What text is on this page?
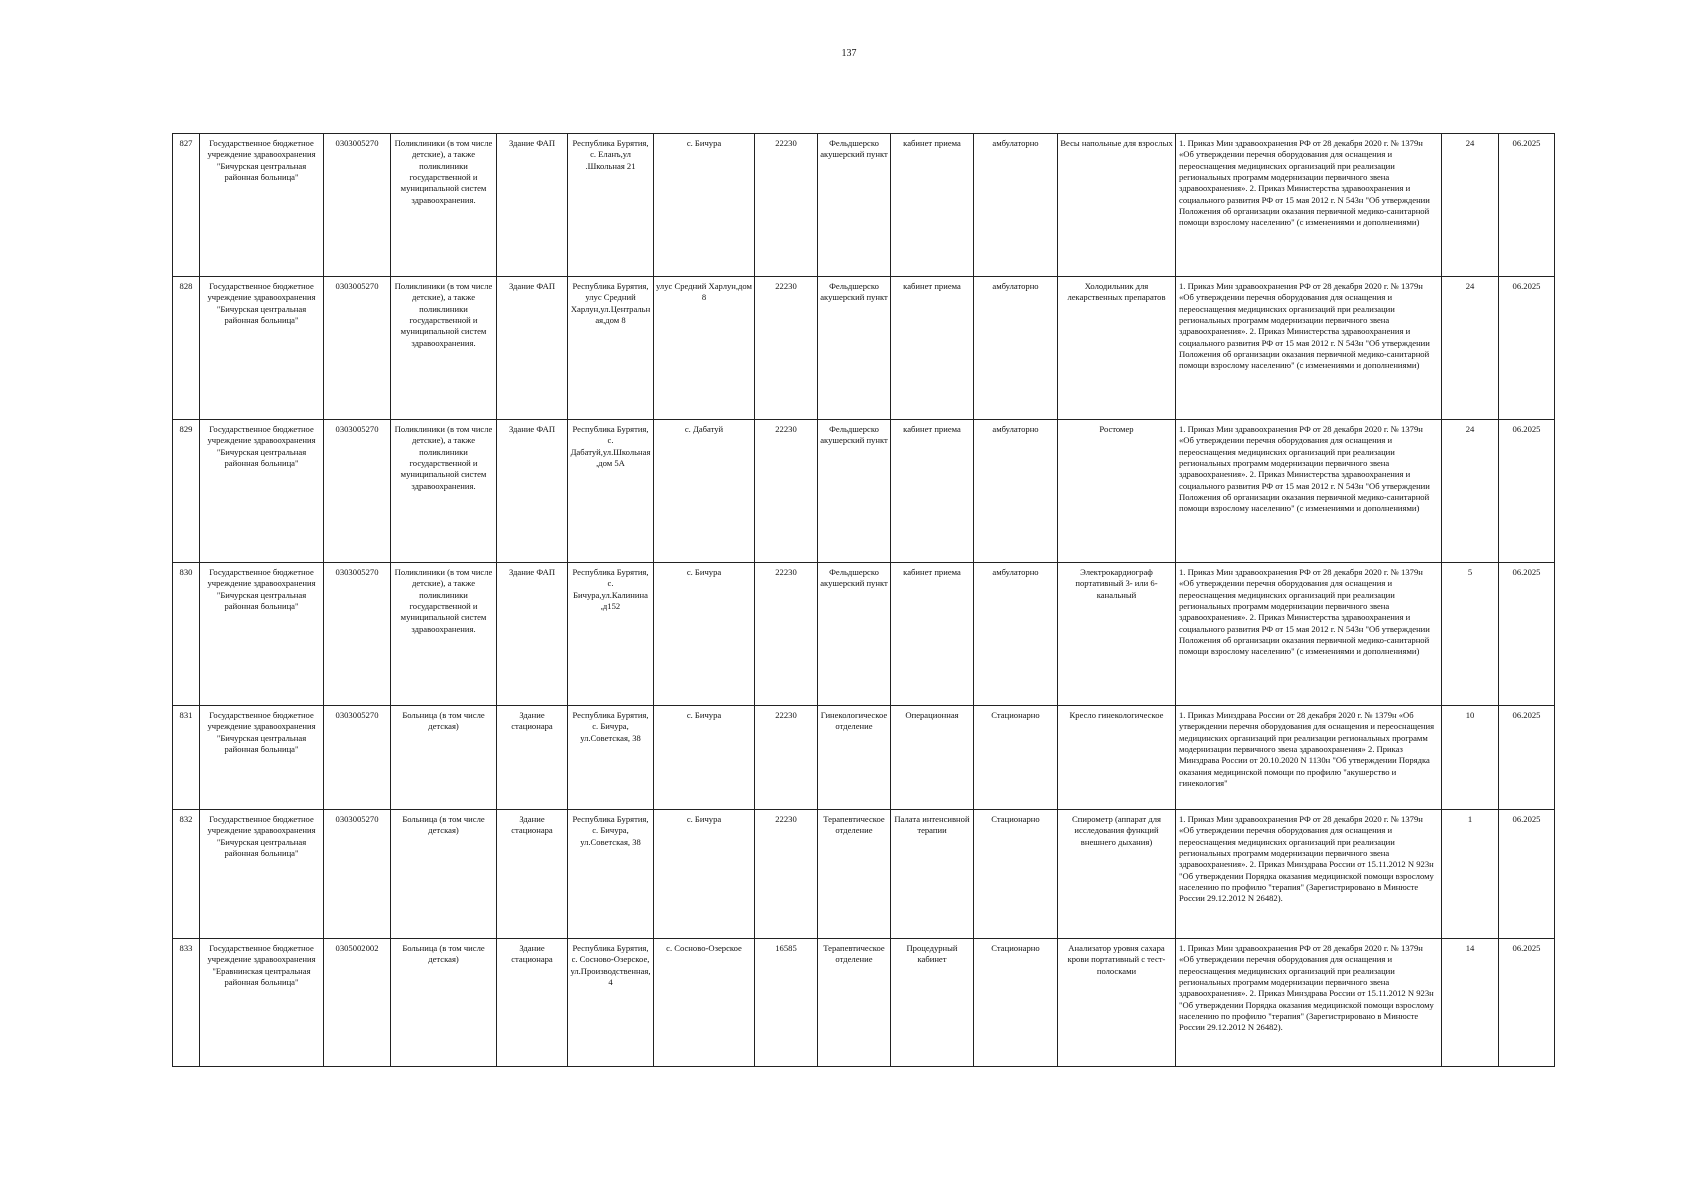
137
827	Государственное бюджетное учреждение здравоохранения "Бичурская центральная районная больница"	0303005270	Поликлиники (в том числе детские), а также поликлиники государственной и муниципальной систем здравоохранения.	Здание ФАП	Республика Бурятия, с. Еланъ,ул .Школьная 21	с. Бичура	22230	Фельдшерско акушерский пункт	кабинет приема	амбулаторно	Весы напольные для взрослых	1. Приказ Мин здравоохранения РФ от 28 декабря 2020 г. № 1379н «Об утверждении перечня оборудования для оснащения и переоснащения медицинских организаций при реализации региональных программ модернизации первичного звена здравоохранения». 2. Приказ Министерства здравоохранения и социального развития РФ от 15 мая 2012 г. N 543н "Об утверждении Положения об организации оказания первичной медико-санитарной помощи взрослому населению" (с изменениями и дополнениями)	24	06.2025
828	Государственное бюджетное учреждение здравоохранения "Бичурская центральная районная больница"	0303005270	Поликлиники (в том числе детские), а также поликлиники государственной и муниципальной систем здравоохранения.	Здание ФАП	Республика Бурятия, улус Средний Харлун,ул.Центральная,дом 8	улус Средний Харлун,дом 8	22230	Фельдшерско акушерский пункт	кабинет приема	амбулаторно	Холодильник для лекарственных препаратов	1. Приказ Мин здравоохранения РФ от 28 декабря 2020 г. № 1379н «Об утверждении перечня оборудования для оснащения и переоснащения медицинских организаций при реализации региональных программ модернизации первичного звена здравоохранения». 2. Приказ Министерства здравоохранения и социального развития РФ от 15 мая 2012 г. N 543н "Об утверждении Положения об организации оказания первичной медико-санитарной помощи взрослому населению" (с изменениями и дополнениями)	24	06.2025
829	Государственное бюджетное учреждение здравоохранения "Бичурская центральная районная больница"	0303005270	Поликлиники (в том числе детские), а также поликлиники государственной и муниципальной систем здравоохранения.	Здание ФАП	Республика Бурятия, с. Дабатуй,ул.Школьная ,дом 5А	с. Дабатуй	22230	Фельдшерско акушерский пункт	кабинет приема	амбулаторно	Ростомер	1. Приказ Мин здравоохранения РФ от 28 декабря 2020 г. № 1379н «Об утверждении перечня оборудования для оснащения и переоснащения медицинских организаций при реализации региональных программ модернизации первичного звена здравоохранения». 2. Приказ Министерства здравоохранения и социального развития РФ от 15 мая 2012 г. N 543н "Об утверждении Положения об организации оказания первичной медико-санитарной помощи взрослому населению" (с изменениями и дополнениями)	24	06.2025
830	Государственное бюджетное учреждение здравоохранения "Бичурская центральная районная больница"	0303005270	Поликлиники (в том числе детские), а также поликлиники государственной и муниципальной систем здравоохранения.	Здание ФАП	Республика Бурятия, с. Бичура,ул.Калинина ,д152	с. Бичура	22230	Фельдшерско акушерский пункт	кабинет приема	амбулаторно	Электрокардиограф портативный 3- или 6-канальный	1. Приказ Мин здравоохранения РФ от 28 декабря 2020 г. № 1379н «Об утверждении перечня оборудования для оснащения и переоснащения медицинских организаций при реализации региональных программ модернизации первичного звена здравоохранения». 2. Приказ Министерства здравоохранения и социального развития РФ от 15 мая 2012 г. N 543н "Об утверждении Положения об организации оказания первичной медико-санитарной помощи взрослому населению" (с изменениями и дополнениями)	5	06.2025
831	Государственное бюджетное учреждение здравоохранения "Бичурская центральная районная больница"	0303005270	Больница (в том числе детская)	Здание стационара	Республика Бурятия, с. Бичура, ул.Советская, 38	с. Бичура	22230	Гинекологическое отделение	Операционная	Стационарно	Кресло гинекологическое	1. Приказ Минздрава России от 28 декабря 2020 г. № 1379н «Об утверждении перечня оборудования для оснащения и переоснащения медицинских организаций при реализации региональных программ модернизации первичного звена здравоохранения» 2. Приказ Минздрава России от 20.10.2020 N 1130н "Об утверждении Порядка оказания медицинской помощи по профилю "акушерство и гинекология"	10	06.2025
832	Государственное бюджетное учреждение здравоохранения "Бичурская центральная районная больница"	0303005270	Больница (в том числе детская)	Здание стационара	Республика Бурятия, с. Бичура, ул.Советская, 38	с. Бичура	22230	Терапевтическое отделение	Палата интенсивной терапии	Стационарно	Спирометр (аппарат для исследования функций внешнего дыхания)	1. Приказ Мин здравоохранения РФ от 28 декабря 2020 г. № 1379н «Об утверждении перечня оборудования для оснащения и переоснащения медицинских организаций при реализации региональных программ модернизации первичного звена здравоохранения». 2. Приказ Минздрава России от 15.11.2012 N 923н "Об утверждении Порядка оказания медицинской помощи взрослому населению по профилю "терапия" (Зарегистрировано в Минюсте России 29.12.2012 N 26482).	1	06.2025
833	Государственное бюджетное учреждение здравоохранения "Еравнинская центральная районная больница"	0305002002	Больница (в том числе детская)	Здание стационара	Республика Бурятия, с. Сосново-Озерское, ул.Производственная, 4	с. Сосново-Озерское	16585	Терапевтическое отделение	Процедурный кабинет	Стационарно	Анализатор уровня сахара крови портативный с тест-полосками	1. Приказ Мин здравоохранения РФ от 28 декабря 2020 г. № 1379н «Об утверждении перечня оборудования для оснащения и переоснащения медицинских организаций при реализации региональных программ модернизации первичного звена здравоохранения». 2. Приказ Минздрава России от 15.11.2012 N 923н "Об утверждении Порядка оказания медицинской помощи взрослому населению по профилю "терапия" (Зарегистрировано в Минюсте России 29.12.2012 N 26482).	14	06.2025
